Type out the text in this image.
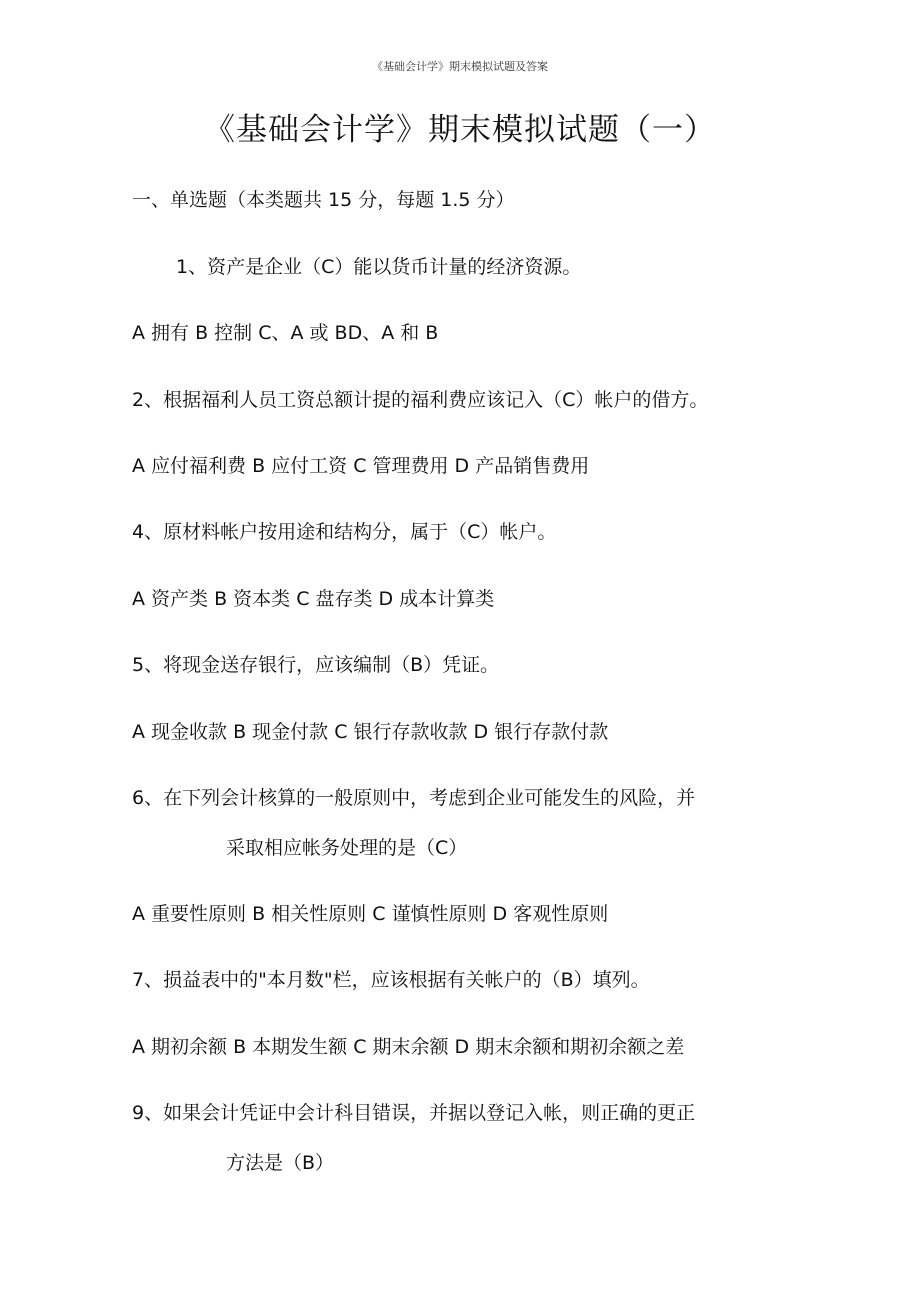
《基础会计学》期末模拟试题及答案
《基础会计学》期末模拟试题（一）
一、单选题（本类题共 15 分，每题 1.5 分）
1、资产是企业（C）能以货币计量的经济资源。
A 拥有 B 控制 C、A 或 BD、A 和 B
2、根据福利人员工资总额计提的福利费应该记入（C）帐户的借方。
A 应付福利费 B 应付工资 C 管理费用 D 产品销售费用
4、原材料帐户按用途和结构分，属于（C）帐户。
A 资产类 B 资本类 C 盘存类 D 成本计算类
5、将现金送存银行，应该编制（B）凭证。
A 现金收款 B 现金付款 C 银行存款收款 D 银行存款付款
6、在下列会计核算的一般原则中，考虑到企业可能发生的风险，并
采取相应帐务处理的是（C）
A 重要性原则 B 相关性原则 C 谨慎性原则 D 客观性原则
7、损益表中的"本月数"栏，应该根据有关帐户的（B）填列。
A 期初余额 B 本期发生额 C 期末余额 D 期末余额和期初余额之差
9、如果会计凭证中会计科目错误，并据以登记入帐，则正确的更正
方法是（B）
